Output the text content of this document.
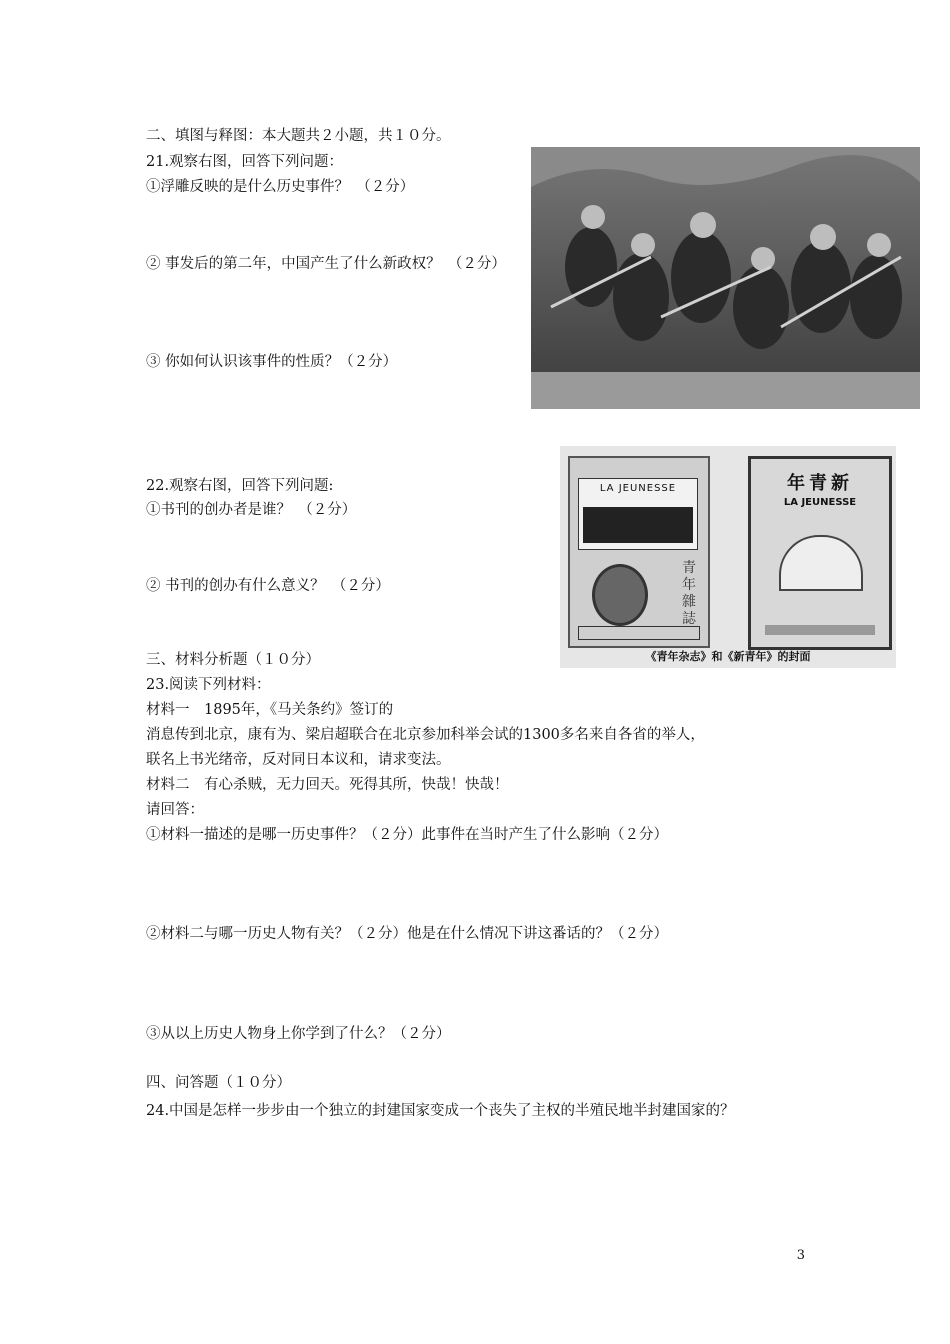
二、填图与释图：本大题共２小题，共１０分。
21.观察右图，回答下列问题：
①浮雕反映的是什么历史事件？　（２分）
② 事发后的第二年，中国产生了什么新政权？　（２分）
③ 你如何认识该事件的性质？（２分）
22.观察右图，回答下列问题:
①书刊的创办者是谁？　（２分）
② 书刊的创办有什么意义？　（２分）
LA JEUNESSE
青年雜誌
年青新
LA JEUNESSE
《青年杂志》和《新青年》的封面
三、材料分析题（１０分）
23.阅读下列材料：
材料一　1895年，《马关条约》签订的
消息传到北京，康有为、梁启超联合在北京参加科举会试的1300多名来自各省的举人，
联名上书光绪帝，反对同日本议和，请求变法。
材料二　有心杀贼，无力回天。死得其所，快哉！快哉！
请回答：
①材料一描述的是哪一历史事件？（２分）此事件在当时产生了什么影响（２分）
②材料二与哪一历史人物有关？（２分）他是在什么情况下讲这番话的？（２分）
③从以上历史人物身上你学到了什么？（２分）
四、问答题（１０分）
24.中国是怎样一步步由一个独立的封建国家变成一个丧失了主权的半殖民地半封建国家的？
3
